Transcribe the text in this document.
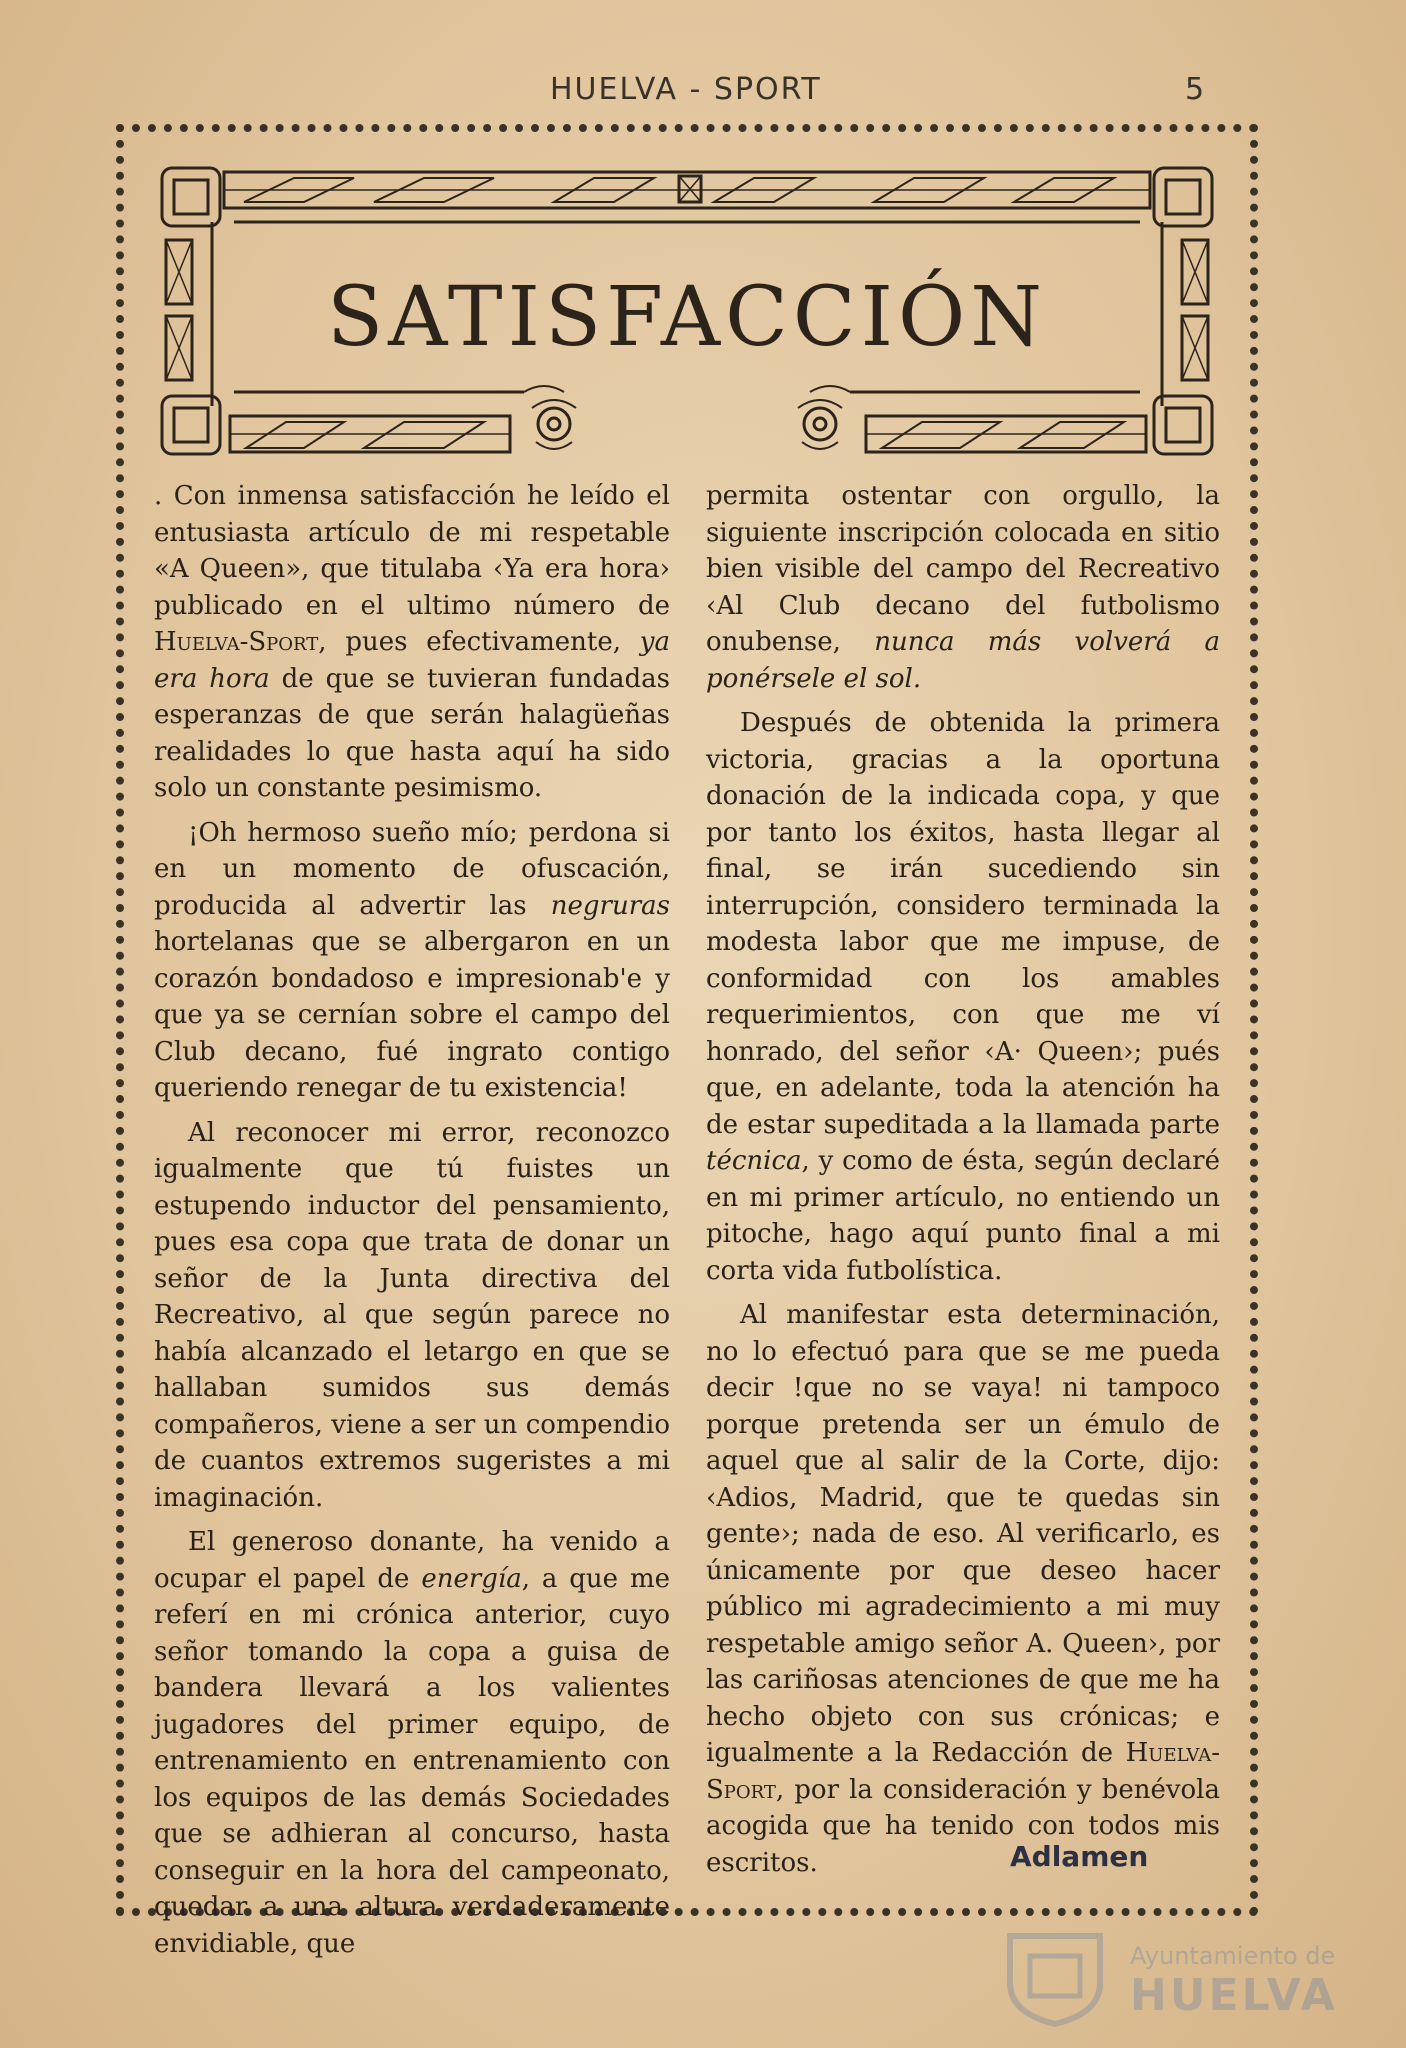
HUELVA - SPORT	5
SATISFACCIÓN

. Con inmensa satisfacción he leído el entusiasta artículo de mi respetable «A Queen», que titulaba ‹Ya era hora› publicado en el ultimo número de Huelva-Sport, pues efectivamente, ya era hora de que se tuvieran fundadas esperanzas de que serán halagüeñas realidades lo que hasta aquí ha sido solo un constante pesimismo.

¡Oh hermoso sueño mío; perdona si en un momento de ofuscación, producida al advertir las negruras hortelanas que se albergaron en un corazón bondadoso e impresionab'e y que ya se cernían sobre el campo del Club decano, fué ingrato contigo queriendo renegar de tu existencia!

Al reconocer mi error, reconozco igualmente que tú fuistes un estupendo inductor del pensamiento, pues esa copa que trata de donar un señor de la Junta directiva del Recreativo, al que según parece no había alcanzado el letargo en que se hallaban sumidos sus demás compañeros, viene a ser un compendio de cuantos extremos sugeristes a mi imaginación.

El generoso donante, ha venido a ocupar el papel de energía, a que me referí en mi crónica anterior, cuyo señor tomando la copa a guisa de bandera llevará a los valientes jugadores del primer equipo, de entrenamiento en entrenamiento con los equipos de las demás Sociedades que se adhieran al concurso, hasta conseguir en la hora del campeonato, quedar a una altura verdaderamente envidiable, que

permita ostentar con orgullo, la siguiente inscripción colocada en sitio bien visible del campo del Recreativo ‹Al Club decano del futbolismo onubense, nunca más volverá a ponérsele el sol.

Después de obtenida la primera victoria, gracias a la oportuna donación de la indicada copa, y que por tanto los éxitos, hasta llegar al final, se irán sucediendo sin interrupción, considero terminada la modesta labor que me impuse, de conformidad con los amables requerimientos, con que me ví honrado, del señor ‹A· Queen›; pués que, en adelante, toda la atención ha de estar supeditada a la llamada parte técnica, y como de ésta, según declaré en mi primer artículo, no entiendo un pitoche, hago aquí punto final a mi corta vida futbolística.

Al manifestar esta determinación, no lo efectuó para que se me pueda decir !que no se vaya! ni tampoco porque pretenda ser un émulo de aquel que al salir de la Corte, dijo: ‹Adios, Madrid, que te quedas sin gente›; nada de eso. Al verificarlo, es únicamente por que deseo hacer público mi agradecimiento a mi muy respetable amigo señor A. Queen›, por las cariñosas atenciones de que me ha hecho objeto con sus crónicas; e igualmente a la Redacción de Huelva-Sport, por la consideración y benévola acogida que ha tenido con todos mis escritos.	Adlamen
Ayuntamiento de
HUELVA
